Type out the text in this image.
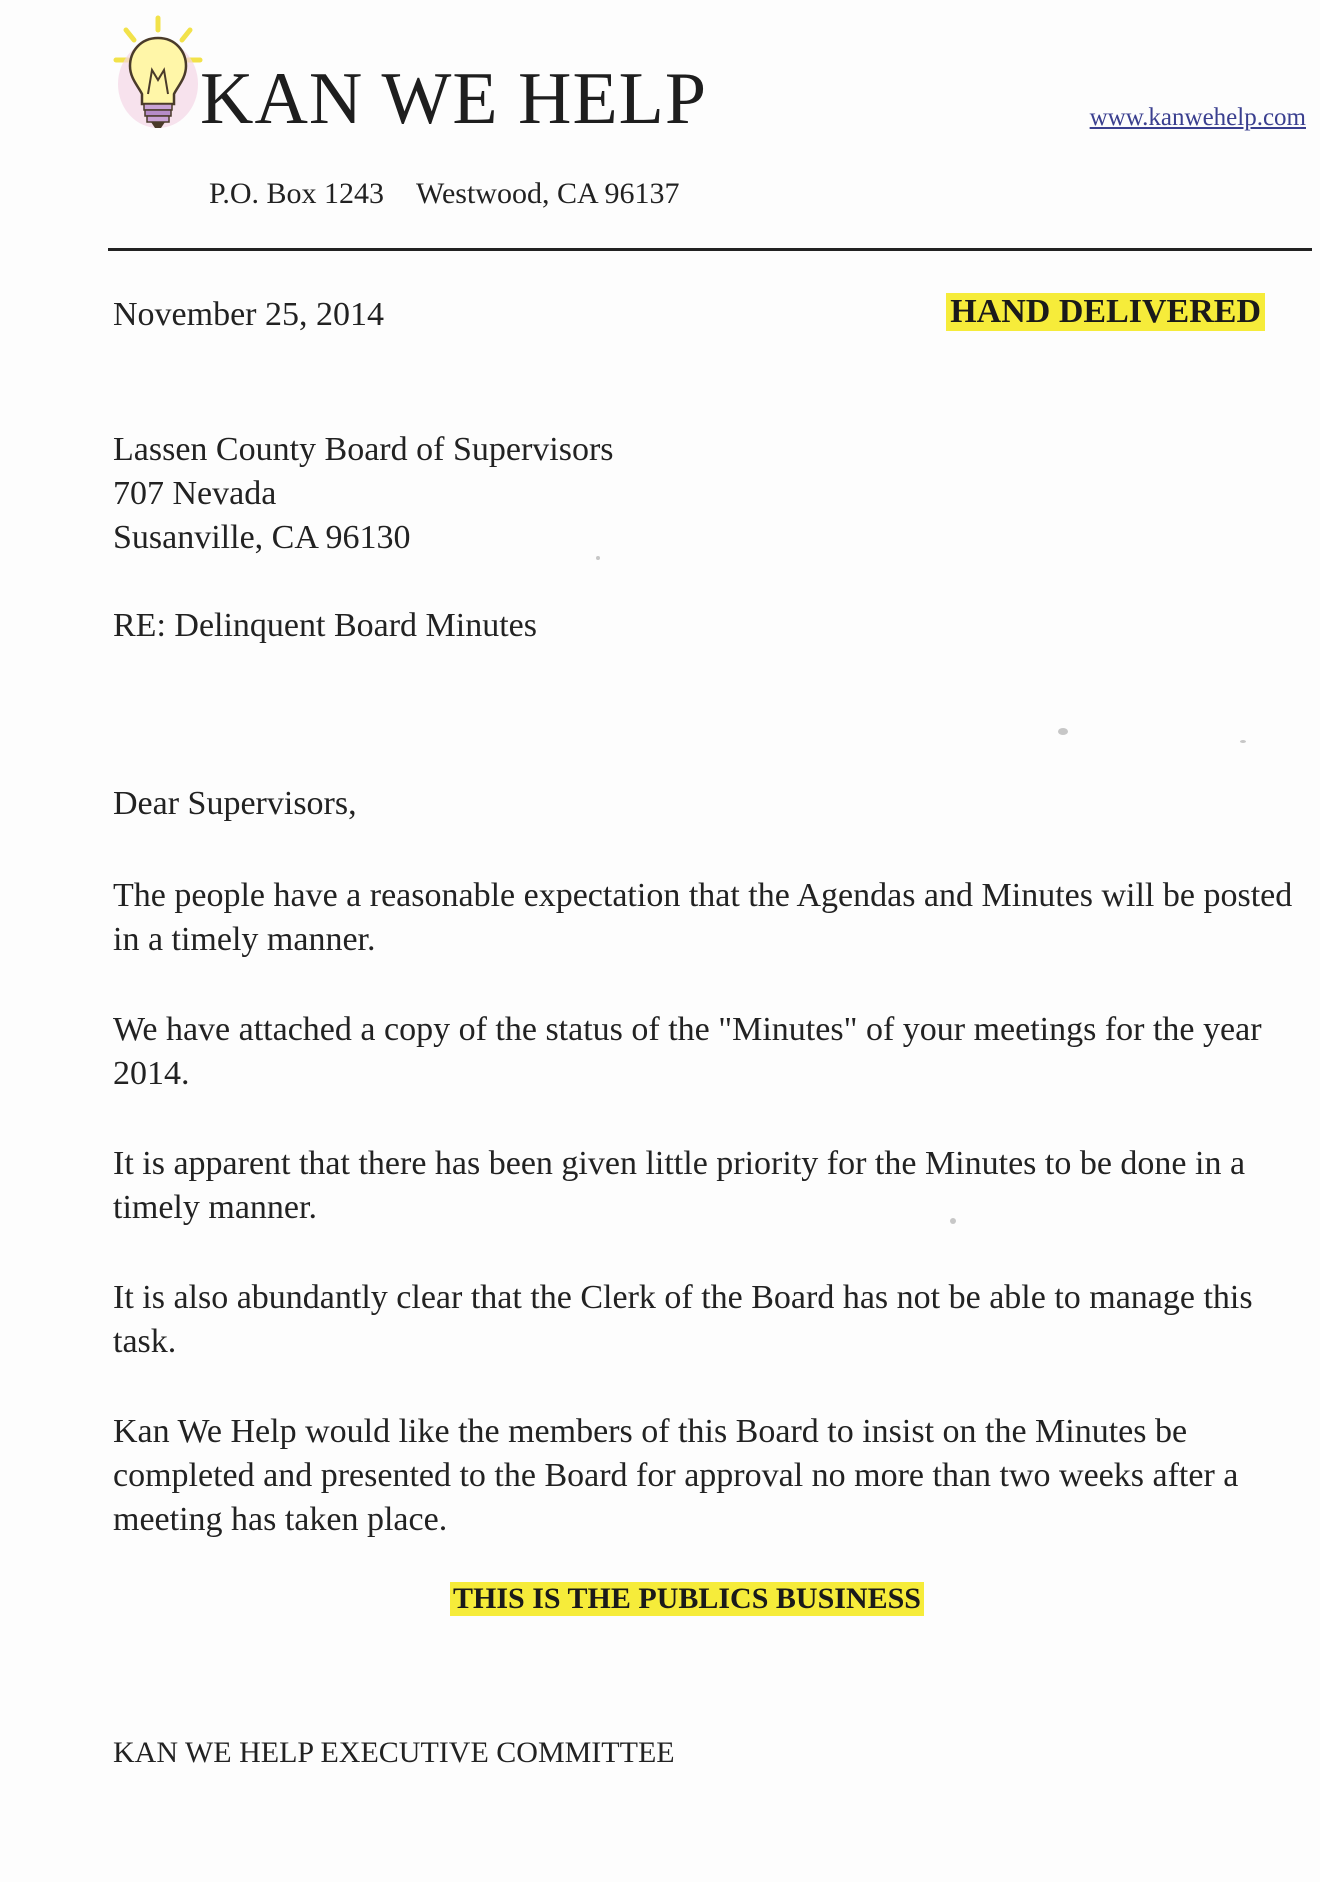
KAN WE HELP	www.kanwehelp.com
P.O. Box 1243 Westwood, CA 96137
November 25, 2014	HAND DELIVERED
Lassen County Board of Supervisors
707 Nevada
Susanville, CA 96130
RE: Delinquent Board Minutes
Dear Supervisors,
The people have a reasonable expectation that the Agendas and Minutes will be posted in a timely manner.
We have attached a copy of the status of the "Minutes" of your meetings for the year 2014.
It is apparent that there has been given little priority for the Minutes to be done in a timely manner.
It is also abundantly clear that the Clerk of the Board has not be able to manage this task.
Kan We Help would like the members of this Board to insist on the Minutes be completed and presented to the Board for approval no more than two weeks after a meeting has taken place.
THIS IS THE PUBLICS BUSINESS
KAN WE HELP EXECUTIVE COMMITTEE
